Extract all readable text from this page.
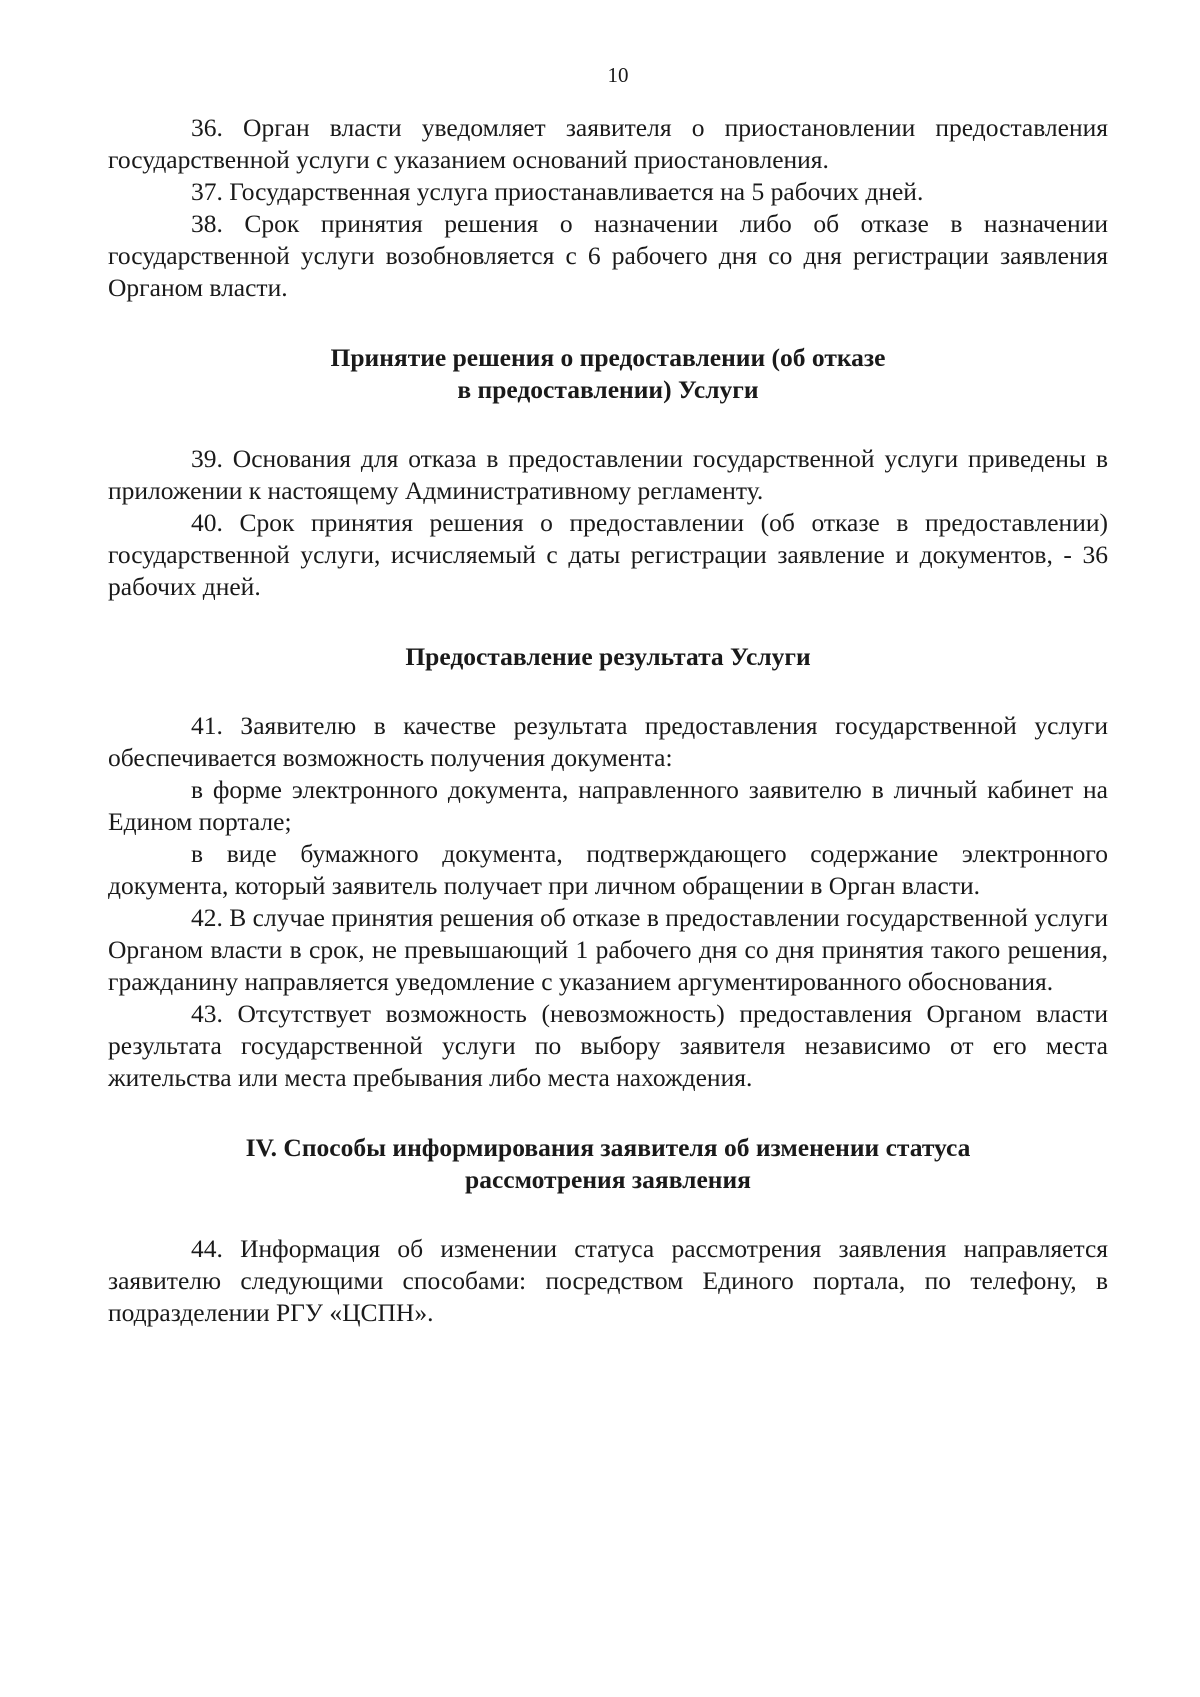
10

36. Орган власти уведомляет заявителя о приостановлении предоставления государственной услуги с указанием оснований приостановления.

37. Государственная услуга приостанавливается на 5 рабочих дней.

38. Срок принятия решения о назначении либо об отказе в назначении государственной услуги возобновляется с 6 рабочего дня со дня регистрации заявления Органом власти.

Принятие решения о предоставлении (об отказе

в предоставлении) Услуги

39. Основания для отказа в предоставлении государственной услуги приведены в приложении к настоящему Административному регламенту.

40. Срок принятия решения о предоставлении (об отказе в предоставлении) государственной услуги, исчисляемый с даты регистрации заявление и документов, - 36 рабочих дней.

Предоставление результата Услуги

41. Заявителю в качестве результата предоставления государственной услуги обеспечивается возможность получения документа:

в форме электронного документа, направленного заявителю в личный кабинет на Едином портале;

в виде бумажного документа, подтверждающего содержание электронного документа, который заявитель получает при личном обращении в Орган власти.

42. В случае принятия решения об отказе в предоставлении государственной услуги Органом власти в срок, не превышающий 1 рабочего дня со дня принятия такого решения, гражданину направляется уведомление с указанием аргументированного обоснования.

43. Отсутствует возможность (невозможность) предоставления Органом власти результата государственной услуги по выбору заявителя независимо от его места жительства или места пребывания либо места нахождения.

IV. Способы информирования заявителя об изменении статуса

рассмотрения заявления

44. Информация об изменении статуса рассмотрения заявления направляется заявителю следующими способами: посредством Единого портала, по телефону, в подразделении РГУ «ЦСПН».
